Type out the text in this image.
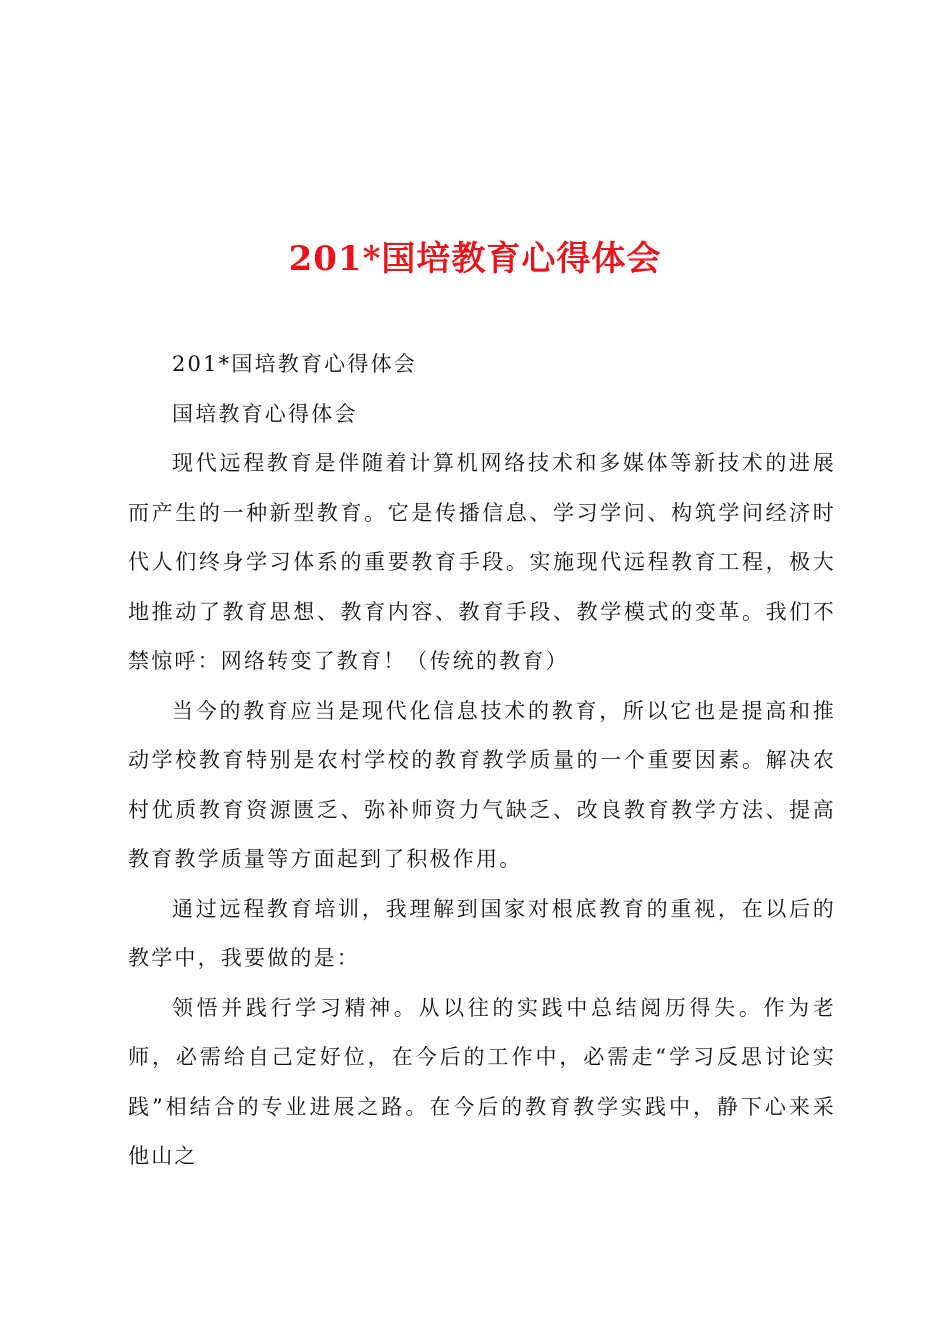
201*国培教育心得体会

201*国培教育心得体会

国培教育心得体会

现代远程教育是伴随着计算机网络技术和多媒体等新技术的进展而产生的一种新型教育。它是传播信息、学习学问、构筑学问经济时代人们终身学习体系的重要教育手段。实施现代远程教育工程，极大地推动了教育思想、教育内容、教育手段、教学模式的变革。我们不禁惊呼：网络转变了教育！（传统的教育）

当今的教育应当是现代化信息技术的教育，所以它也是提高和推动学校教育特别是农村学校的教育教学质量的一个重要因素。解决农村优质教育资源匮乏、弥补师资力气缺乏、改良教育教学方法、提高教育教学质量等方面起到了积极作用。

通过远程教育培训，我理解到国家对根底教育的重视，在以后的教学中，我要做的是：

领悟并践行学习精神。从以往的实践中总结阅历得失。作为老师，必需给自己定好位，在今后的工作中，必需走“学习反思讨论实践”相结合的专业进展之路。在今后的教育教学实践中，静下心来采他山之
